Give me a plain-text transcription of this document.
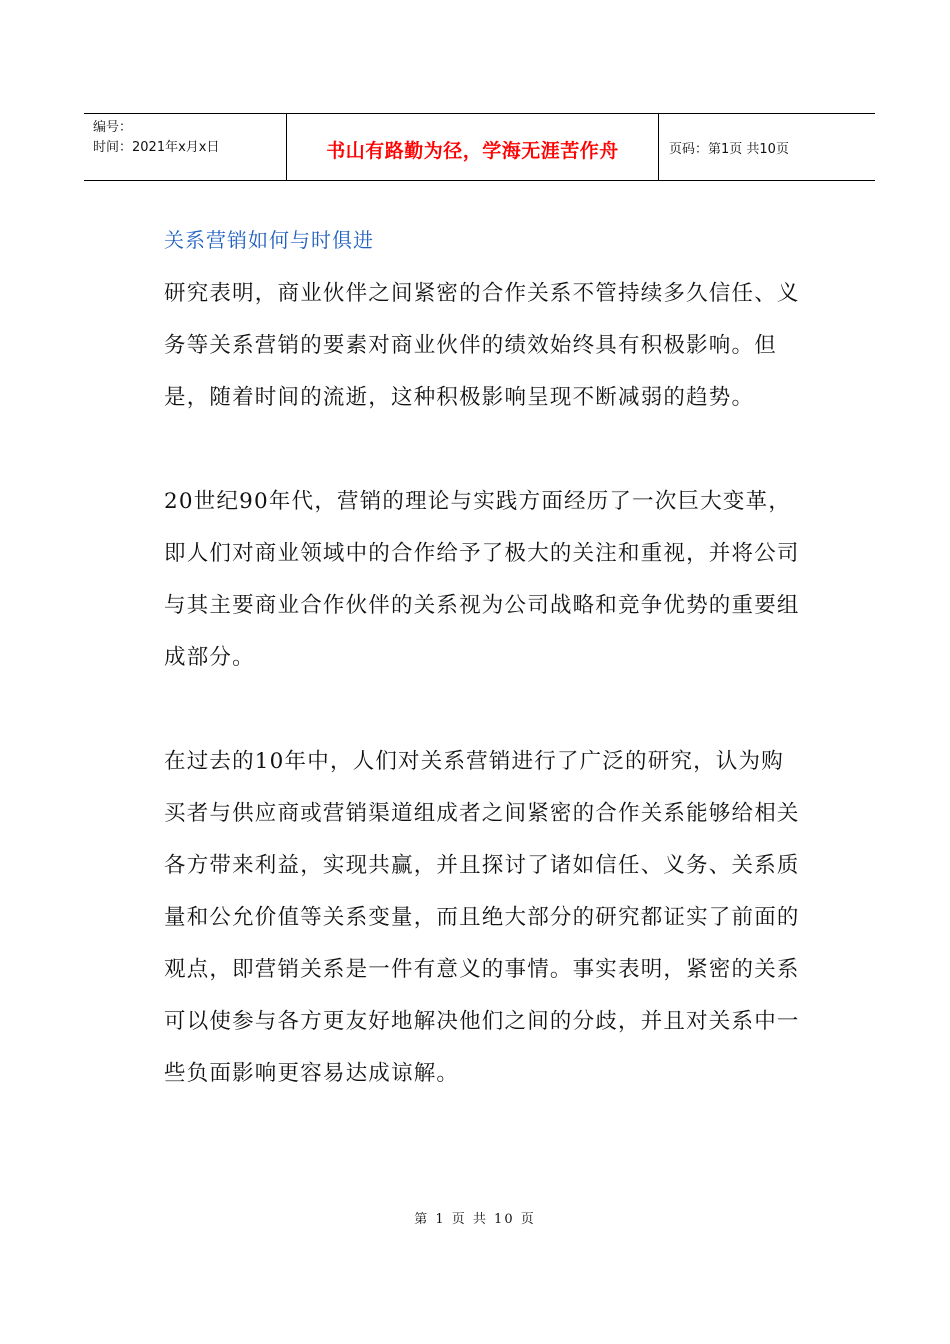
编号：
时间：2021年x月x日	书山有路勤为径，学海无涯苦作舟	页码：第1页 共10页
关系营销如何与时俱进

研究表明，商业伙伴之间紧密的合作关系不管持续多久信任、义务等关系营销的要素对商业伙伴的绩效始终具有积极影响。但是，随着时间的流逝，这种积极影响呈现不断减弱的趋势。

20世纪90年代，营销的理论与实践方面经历了一次巨大变革，即人们对商业领域中的合作给予了极大的关注和重视，并将公司与其主要商业合作伙伴的关系视为公司战略和竞争优势的重要组成部分。

在过去的10年中，人们对关系营销进行了广泛的研究，认为购买者与供应商或营销渠道组成者之间紧密的合作关系能够给相关各方带来利益，实现共赢，并且探讨了诸如信任、义务、关系质量和公允价值等关系变量，而且绝大部分的研究都证实了前面的观点，即营销关系是一件有意义的事情。事实表明，紧密的关系可以使参与各方更友好地解决他们之间的分歧，并且对关系中一些负面影响更容易达成谅解。

第 1 页 共 10 页
